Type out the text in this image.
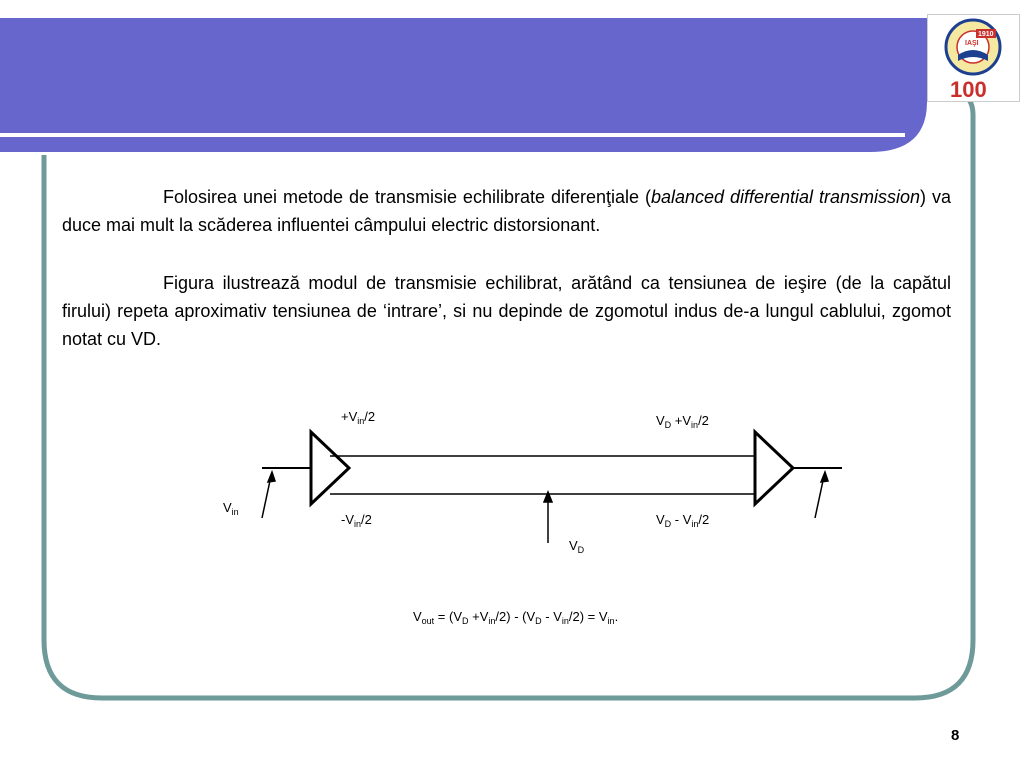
IAŞI
1910
100

Folosirea unei metode de transmisie echilibrate diferenţiale (balanced differential transmission) va duce mai mult la scăderea influentei câmpului electric distorsionant.

Figura ilustrează modul de transmisie echilibrat, arătând ca tensiunea de ieşire (de la capătul firului) repeta aproximativ tensiunea de ‘intrare’, si nu depinde de zgomotul indus de-a lungul cablului, zgomot notat cu VD.

$+V_{in}/2$	$V_D +V_{in}/2$
$V_{in}$	$-V_{in}/2$	$V_D - V_{in}/2$
$V_D$
$V_{out} = (V_D +V_{in}/2) - (V_D - V_{in}/2) = V_{in}$.
8
